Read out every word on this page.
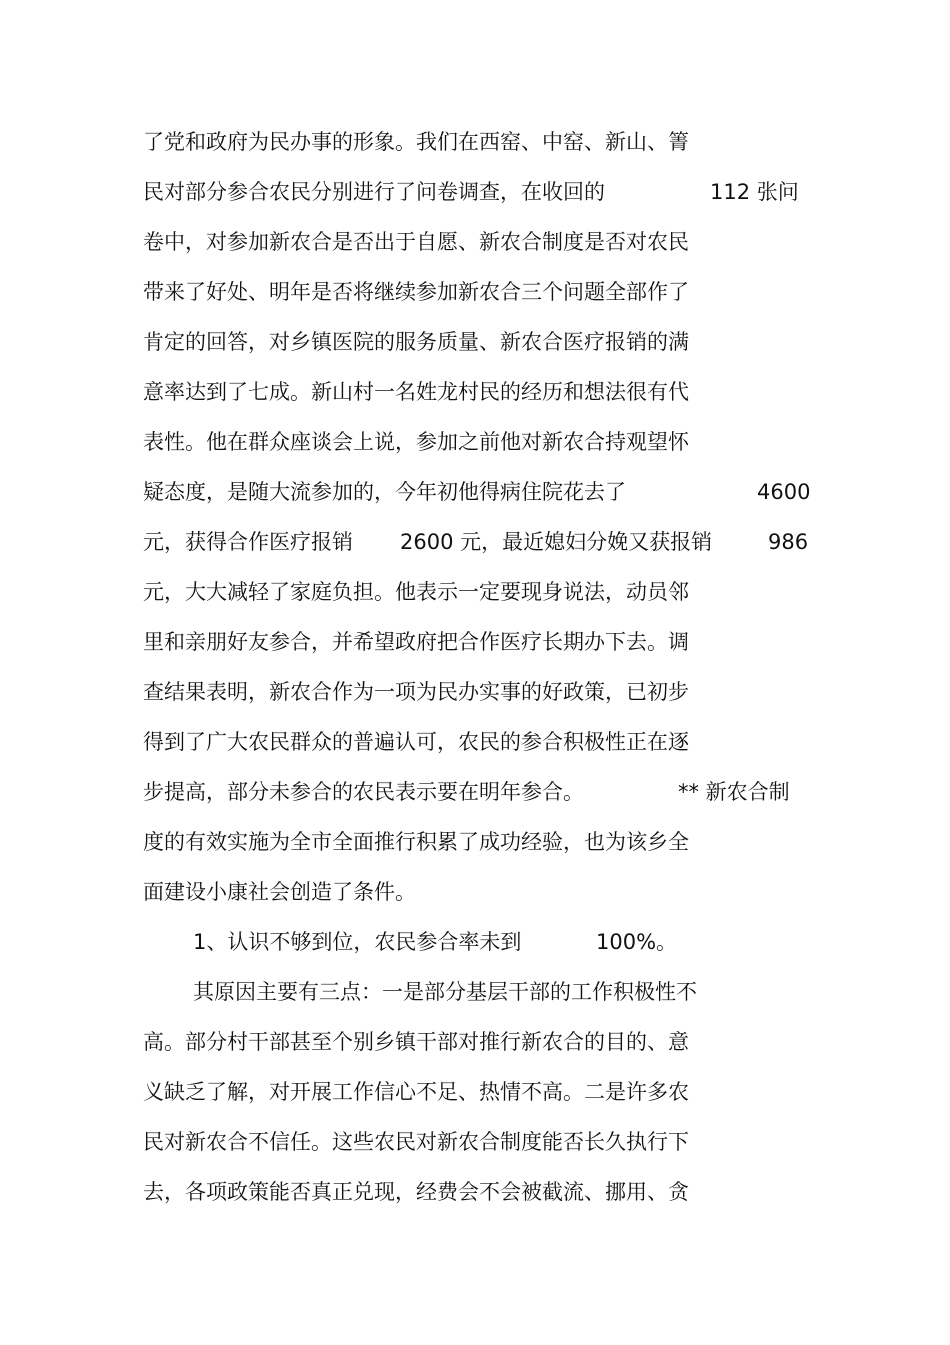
了党和政府为民办事的形象。我们在西窑、中窑、新山、箐
民对部分参合农民分别进行了问卷调查，在收回的	112 张问
卷中，对参加新农合是否出于自愿、新农合制度是否对农民
带来了好处、明年是否将继续参加新农合三个问题全部作了
肯定的回答，对乡镇医院的服务质量、新农合医疗报销的满
意率达到了七成。新山村一名姓龙村民的经历和想法很有代
表性。他在群众座谈会上说，参加之前他对新农合持观望怀
疑态度，是随大流参加的，今年初他得病住院花去了	4600
元，获得合作医疗报销 2600 元，最近媳妇分娩又获报销	986
元，大大减轻了家庭负担。他表示一定要现身说法，动员邻
里和亲朋好友参合，并希望政府把合作医疗长期办下去。调
查结果表明，新农合作为一项为民办实事的好政策，已初步
得到了广大农民群众的普遍认可，农民的参合积极性正在逐
步提高，部分未参合的农民表示要在明年参合。	** 新农合制
度的有效实施为全市全面推行积累了成功经验，也为该乡全
面建设小康社会创造了条件。
1、认识不够到位，农民参合率未到	100%。
其原因主要有三点：一是部分基层干部的工作积极性不
高。部分村干部甚至个别乡镇干部对推行新农合的目的、意
义缺乏了解，对开展工作信心不足、热情不高。二是许多农
民对新农合不信任。这些农民对新农合制度能否长久执行下
去，各项政策能否真正兑现，经费会不会被截流、挪用、贪
